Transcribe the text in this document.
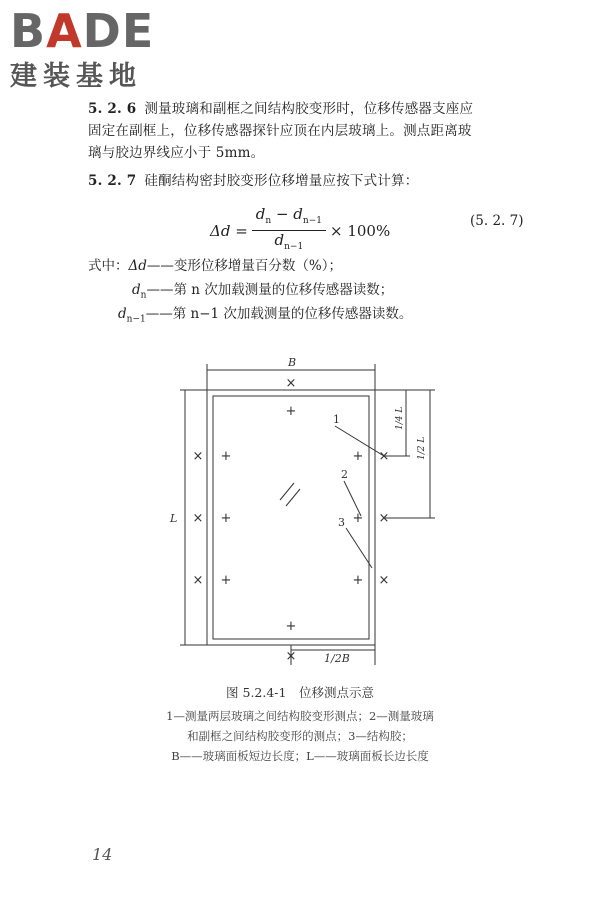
BADE
建装基地
5. 2. 6 测量玻璃和副框之间结构胶变形时，位移传感器支座应
固定在副框上，位移传感器探针应顶在内层玻璃上。测点距离玻
璃与胶边界线应小于 5mm。
5. 2. 7 硅酮结构密封胶变形位移增量应按下式计算：
$\Delta d = \frac{d_n - d_{n-1}}{d_{n-1}} \times 100\%$
(5. 2. 7)
式中：Δd——变形位移增量百分数（%）；
$d_n——$第 n 次加载测量的位移传感器读数；
$d_{n-1}——$第 n−1 次加载测量的位移传感器读数。
×
×
×
×
×
×
×
×
+
+
+
+
+
+
+
+
B
L
1/2B
1/4 L
1/2 L
1
2
3
图 5.2.4-1　位移测点示意
1—测量两层玻璃之间结构胶变形测点；2—测量玻璃
和副框之间结构胶变形的测点；3—结构胶；
B——玻璃面板短边长度；L——玻璃面板长边长度
14
